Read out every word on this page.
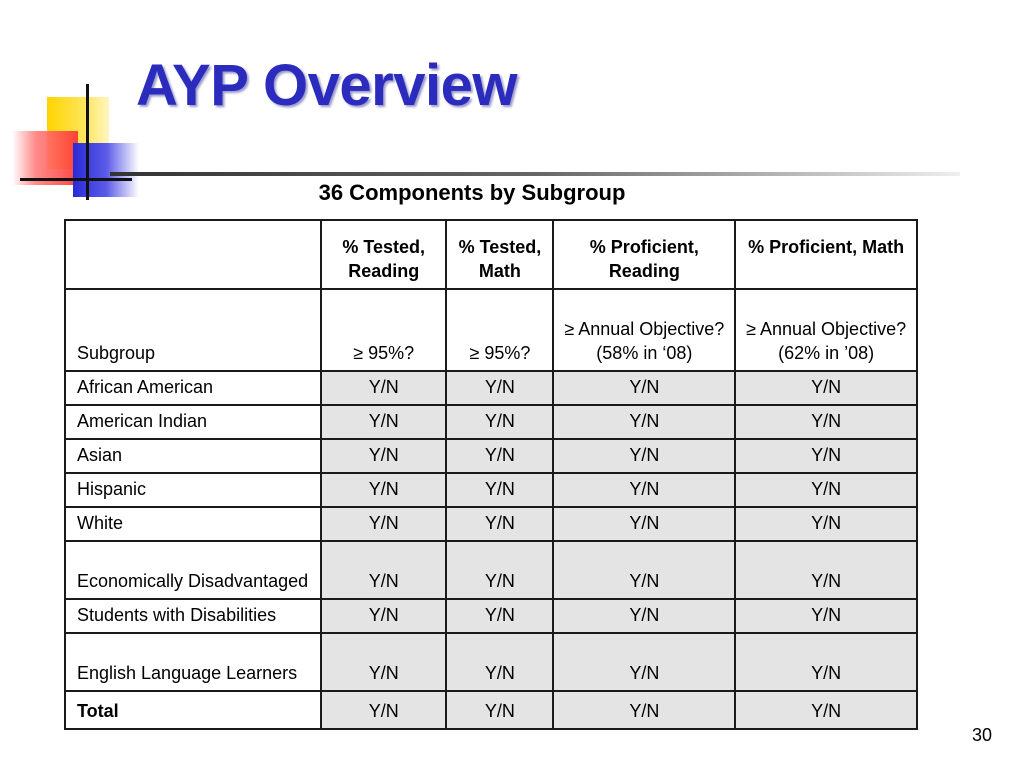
AYP Overview
36 Components by Subgroup
	% Tested, Reading	% Tested, Math	% Proficient, Reading	% Proficient, Math
Subgroup	≥ 95%?	≥ 95%?	≥ Annual Objective? (58% in ‘08)	≥ Annual Objective? (62% in ’08)
African American	Y/N	Y/N	Y/N	Y/N
American Indian	Y/N	Y/N	Y/N	Y/N
Asian	Y/N	Y/N	Y/N	Y/N
Hispanic	Y/N	Y/N	Y/N	Y/N
White	Y/N	Y/N	Y/N	Y/N
Economically Disadvantaged	Y/N	Y/N	Y/N	Y/N
Students with Disabilities	Y/N	Y/N	Y/N	Y/N
English Language Learners	Y/N	Y/N	Y/N	Y/N
Total	Y/N	Y/N	Y/N	Y/N
30
